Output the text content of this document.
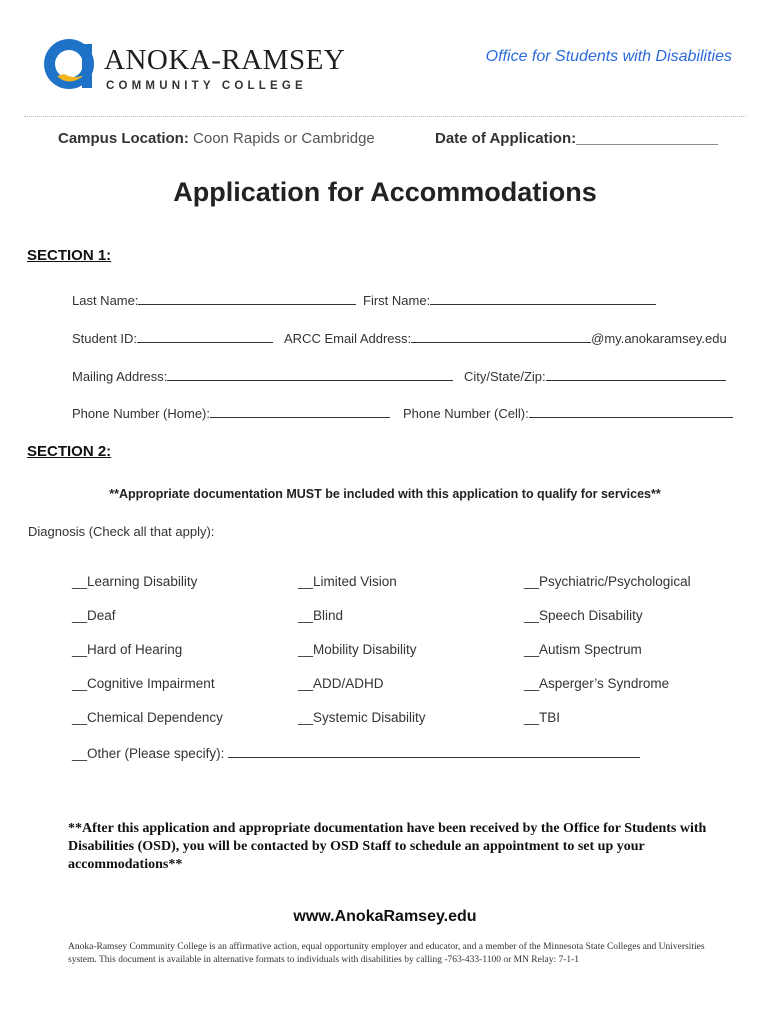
ANOKA-RAMSEY
COMMUNITY COLLEGE
Office for Students with Disabilities
Campus Location: Coon Rapids or Cambridge	Date of Application:_________________
Application for Accommodations
SECTION 1:
Last Name:	First Name:
Student ID:	ARCC Email Address:	@my.anokaramsey.edu
Mailing Address:	City/State/Zip:
Phone Number (Home):	Phone Number (Cell):
SECTION 2:
**Appropriate documentation MUST be included with this application to qualify for services**
Diagnosis (Check all that apply):
__Learning Disability	__Limited Vision	__Psychiatric/Psychological
__Deaf	__Blind	__Speech Disability
__Hard of Hearing	__Mobility Disability	__Autism Spectrum
__Cognitive Impairment	__ADD/ADHD	__Asperger’s Syndrome
__Chemical Dependency	__Systemic Disability	__TBI
__Other (Please specify):
**After this application and appropriate documentation have been received by the Office for Students with Disabilities (OSD), you will be contacted by OSD Staff to schedule an appointment to set up your accommodations**
www.AnokaRamsey.edu
Anoka-Ramsey Community College is an affirmative action, equal opportunity employer and educator, and a member of the Minnesota State Colleges and Universities system. This document is available in alternative formats to individuals with disabilities by calling -763-433-1100 or MN Relay: 7-1-1
